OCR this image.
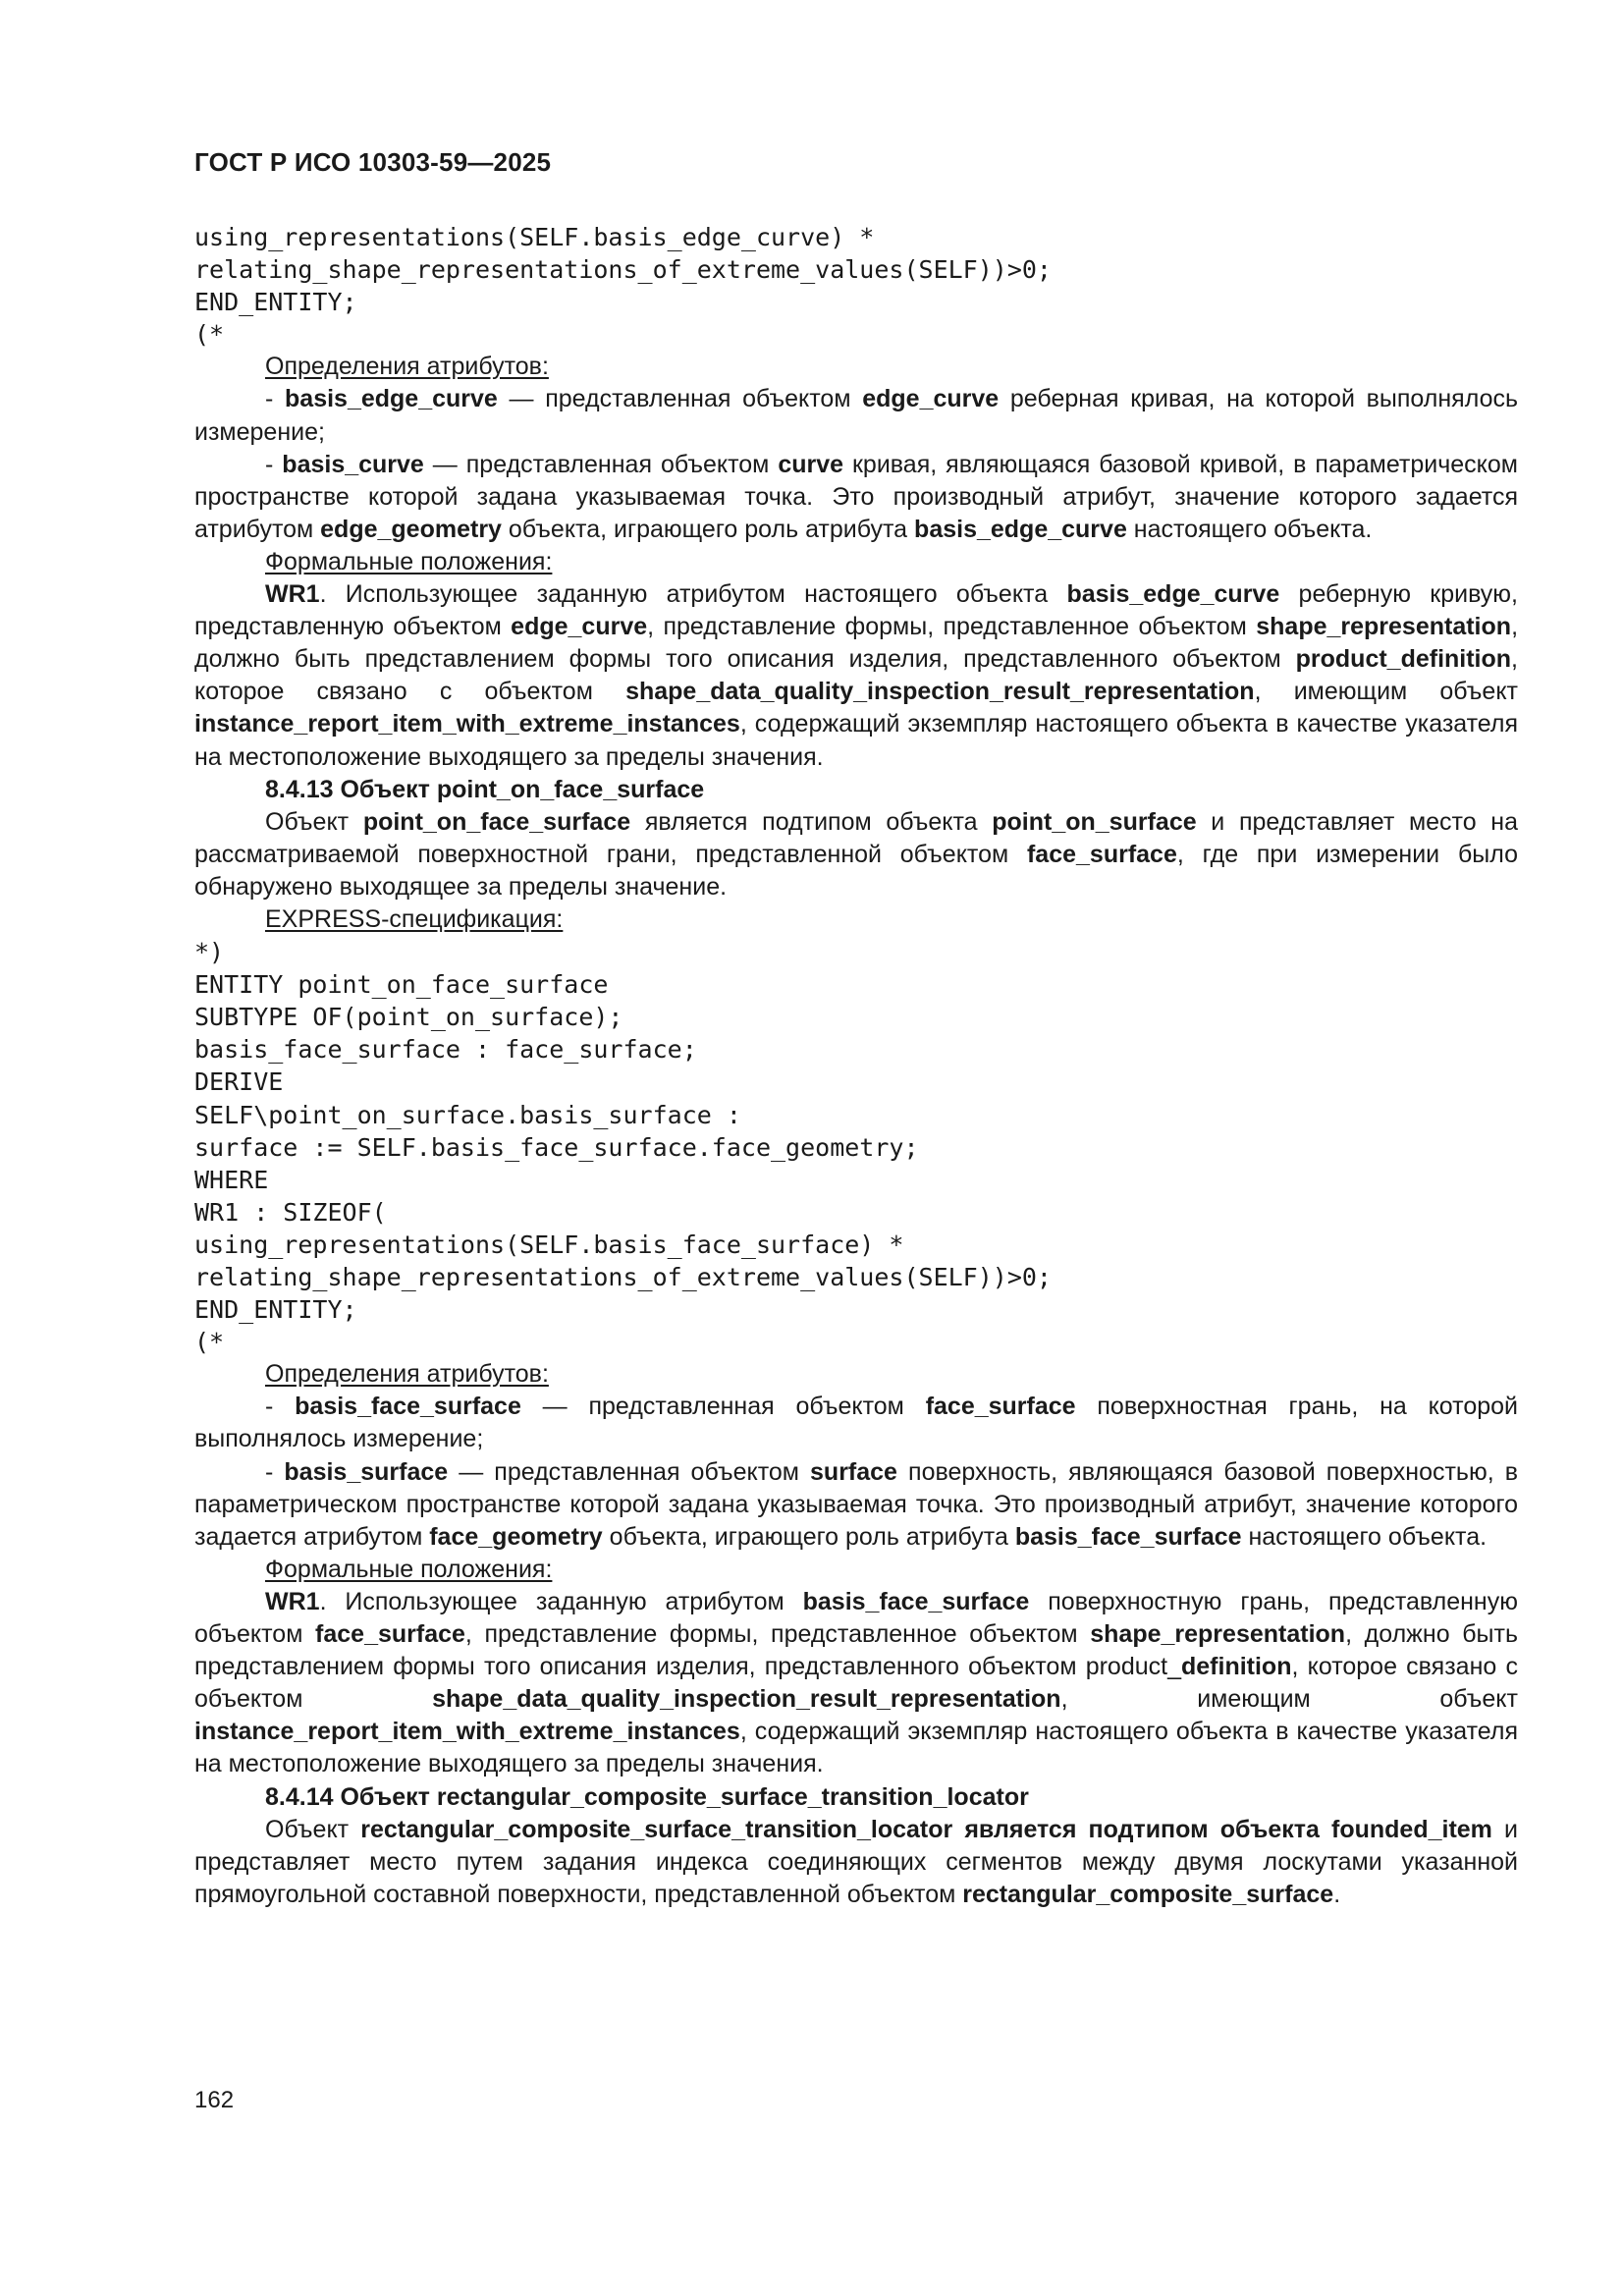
ГОСТ Р ИСО 10303-59—2025
using_representations(SELF.basis_edge_curve) *
relating_shape_representations_of_extreme_values(SELF))>0;
END_ENTITY;
(*

Определения атрибутов:

- basis_edge_curve — представленная объектом edge_curve реберная кривая, на которой выполнялось измерение;

- basis_curve — представленная объектом curve кривая, являющаяся базовой кривой, в параметрическом пространстве которой задана указываемая точка. Это производный атрибут, значение которого задается атрибутом edge_geometry объекта, играющего роль атрибута basis_edge_curve настоящего объекта.

Формальные положения:

WR1. Использующее заданную атрибутом настоящего объекта basis_edge_curve реберную кривую, представленную объектом edge_curve, представление формы, представленное объектом shape_representation, должно быть представлением формы того описания изделия, представленного объектом product_definition, которое связано с объектом shape_data_quality_inspection_result_representation, имеющим объект instance_report_item_with_extreme_instances, содержащий экземпляр настоящего объекта в качестве указателя на местоположение выходящего за пределы значения.

8.4.13 Объект point_on_face_surface

Объект point_on_face_surface является подтипом объекта point_on_surface и представляет место на рассматриваемой поверхностной грани, представленной объектом face_surface, где при измерении было обнаружено выходящее за пределы значение.

EXPRESS-спецификация:

*)
ENTITY point_on_face_surface
SUBTYPE OF(point_on_surface);
basis_face_surface : face_surface;
DERIVE
SELF\point_on_surface.basis_surface :
surface := SELF.basis_face_surface.face_geometry;
WHERE
WR1 : SIZEOF(
using_representations(SELF.basis_face_surface) *
relating_shape_representations_of_extreme_values(SELF))>0;
END_ENTITY;
(*

Определения атрибутов:

- basis_face_surface — представленная объектом face_surface поверхностная грань, на которой выполнялось измерение;

- basis_surface — представленная объектом surface поверхность, являющаяся базовой поверхностью, в параметрическом пространстве которой задана указываемая точка. Это производный атрибут, значение которого задается атрибутом face_geometry объекта, играющего роль атрибута basis_face_surface настоящего объекта.

Формальные положения:

WR1. Использующее заданную атрибутом basis_face_surface поверхностную грань, представленную объектом face_surface, представление формы, представленное объектом shape_representation, должно быть представлением формы того описания изделия, представленного объектом product_definition, которое связано с объектом shape_data_quality_inspection_result_representation, имеющим объект instance_report_item_with_extreme_instances, содержащий экземпляр настоящего объекта в качестве указателя на местоположение выходящего за пределы значения.

8.4.14 Объект rectangular_composite_surface_transition_locator

Объект rectangular_composite_surface_transition_locator является подтипом объекта founded_item и представляет место путем задания индекса соединяющих сегментов между двумя лоскутами указанной прямоугольной составной поверхности, представленной объектом rectangular_composite_surface.

162
